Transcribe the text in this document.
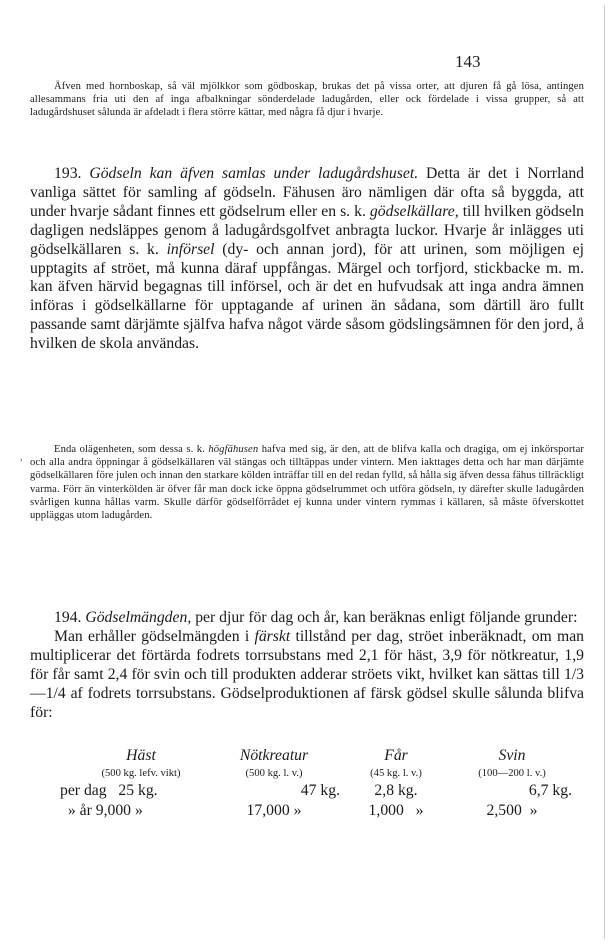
143

Äfven med hornboskap, så väl mjölkkor som gödboskap, brukas det på vissa orter, att djuren få gå lösa, antingen allesammans fria uti den af inga afbalkningar sönderdelade ladugården, eller ock fördelade i vissa grupper, så att ladugårdshuset sålunda är afdeladt i flera större kättar, med några få djur i hvarje.

193. Gödseln kan äfven samlas under ladugårdshuset. Detta är det i Norrland vanliga sättet för samling af gödseln. Fähusen äro nämligen där ofta så byggda, att under hvarje sådant finnes ett gödselrum eller en s. k. gödselkällare, till hvilken gödseln dagligen nedsläppes genom å ladugårdsgolfvet anbragta luckor. Hvarje år inlägges uti gödselkällaren s. k. införsel (dy- och annan jord), för att urinen, som möjligen ej upptagits af ströet, må kunna däraf uppfångas. Märgel och torfjord, stickbacke m. m. kan äfven härvid begagnas till införsel, och är det en hufvudsak att inga andra ämnen införas i gödselkällarne för upptagande af urinen än sådana, som därtill äro fullt passande samt därjämte själfva hafva något värde såsom gödslingsämnen för den jord, å hvilken de skola användas.

,

Enda olägenheten, som dessa s. k. högfähusen hafva med sig, är den, att de blifva kalla och dragiga, om ej inkörsportar och alla andra öppningar å gödselkällaren väl stängas och tilltäppas under vintern. Men iakttages detta och har man därjämte gödselkällaren före julen och innan den starkare kölden inträffar till en del redan fylld, så hålla sig äfven dessa fähus tillräckligt varma. Förr än vinterkölden är öfver får man dock icke öppna gödselrummet och utföra gödseln, ty därefter skulle ladugården svårligen kunna hållas varm. Skulle därför gödselförrådet ej kunna under vintern rymmas i källaren, så måste öfverskottet uppläggas utom ladugården.

194. Gödselmängden, per djur för dag och år, kan beräknas enligt följande grunder:

Man erhåller gödselmängden i färskt tillstånd per dag, ströet inberäknadt, om man multiplicerar det förtärda fodrets torrsubstans med 2,1 för häst, 3,9 för nötkreatur, 1,9 för får samt 2,4 för svin och till produkten adderar ströets vikt, hvilket kan sättas till 1/3—1/4 af fodrets torrsubstans. Gödselproduktionen af färsk gödsel skulle sålunda blifva för:

	Häst	Nötkreatur	Får	Svin
	(500 kg. lefv. vikt)	(500 kg. l. v.)	(45 kg. l. v.)	(100—200 l. v.)
per dag 25 kg.		47 kg.		2,8 kg.	6,7 kg.
» år 9,000 »		17,000 »		1,000 »	2,500 »
